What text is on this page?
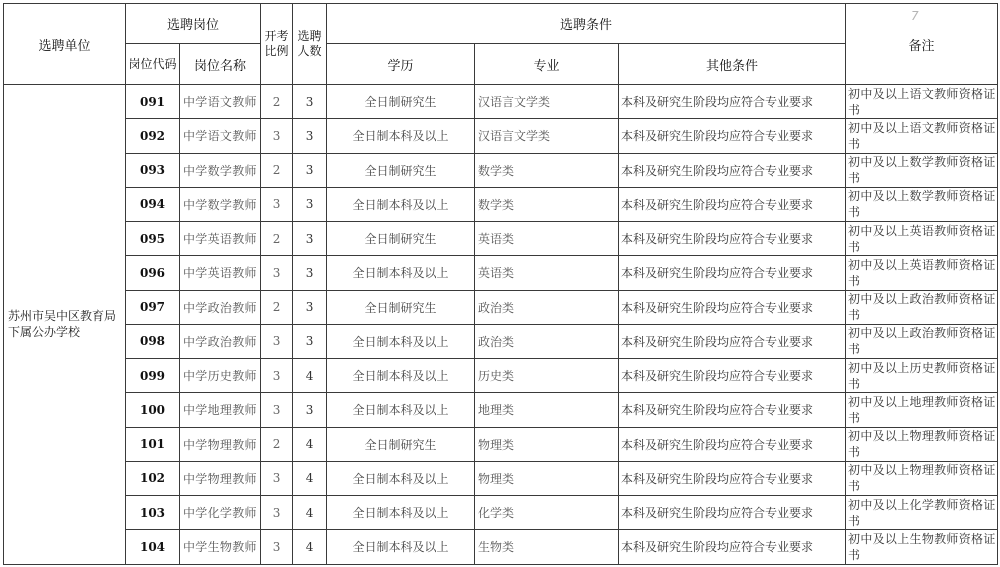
7
选聘单位	选聘岗位		开考比例	选聘人数	选聘条件			备注
	岗位代码	岗位名称			学历	专业	其他条件	
苏州市吴中区教育局下属公办学校	091	中学语文教师	2	3	全日制研究生	汉语言文学类	本科及研究生阶段均应符合专业要求	初中及以上语文教师资格证书
	092	中学语文教师	3	3	全日制本科及以上	汉语言文学类	本科及研究生阶段均应符合专业要求	初中及以上语文教师资格证书
	093	中学数学教师	2	3	全日制研究生	数学类	本科及研究生阶段均应符合专业要求	初中及以上数学教师资格证书
	094	中学数学教师	3	3	全日制本科及以上	数学类	本科及研究生阶段均应符合专业要求	初中及以上数学教师资格证书
	095	中学英语教师	2	3	全日制研究生	英语类	本科及研究生阶段均应符合专业要求	初中及以上英语教师资格证书
	096	中学英语教师	3	3	全日制本科及以上	英语类	本科及研究生阶段均应符合专业要求	初中及以上英语教师资格证书
	097	中学政治教师	2	3	全日制研究生	政治类	本科及研究生阶段均应符合专业要求	初中及以上政治教师资格证书
	098	中学政治教师	3	3	全日制本科及以上	政治类	本科及研究生阶段均应符合专业要求	初中及以上政治教师资格证书
	099	中学历史教师	3	4	全日制本科及以上	历史类	本科及研究生阶段均应符合专业要求	初中及以上历史教师资格证书
	100	中学地理教师	3	3	全日制本科及以上	地理类	本科及研究生阶段均应符合专业要求	初中及以上地理教师资格证书
	101	中学物理教师	2	4	全日制研究生	物理类	本科及研究生阶段均应符合专业要求	初中及以上物理教师资格证书
	102	中学物理教师	3	4	全日制本科及以上	物理类	本科及研究生阶段均应符合专业要求	初中及以上物理教师资格证书
	103	中学化学教师	3	4	全日制本科及以上	化学类	本科及研究生阶段均应符合专业要求	初中及以上化学教师资格证书
	104	中学生物教师	3	4	全日制本科及以上	生物类	本科及研究生阶段均应符合专业要求	初中及以上生物教师资格证书
